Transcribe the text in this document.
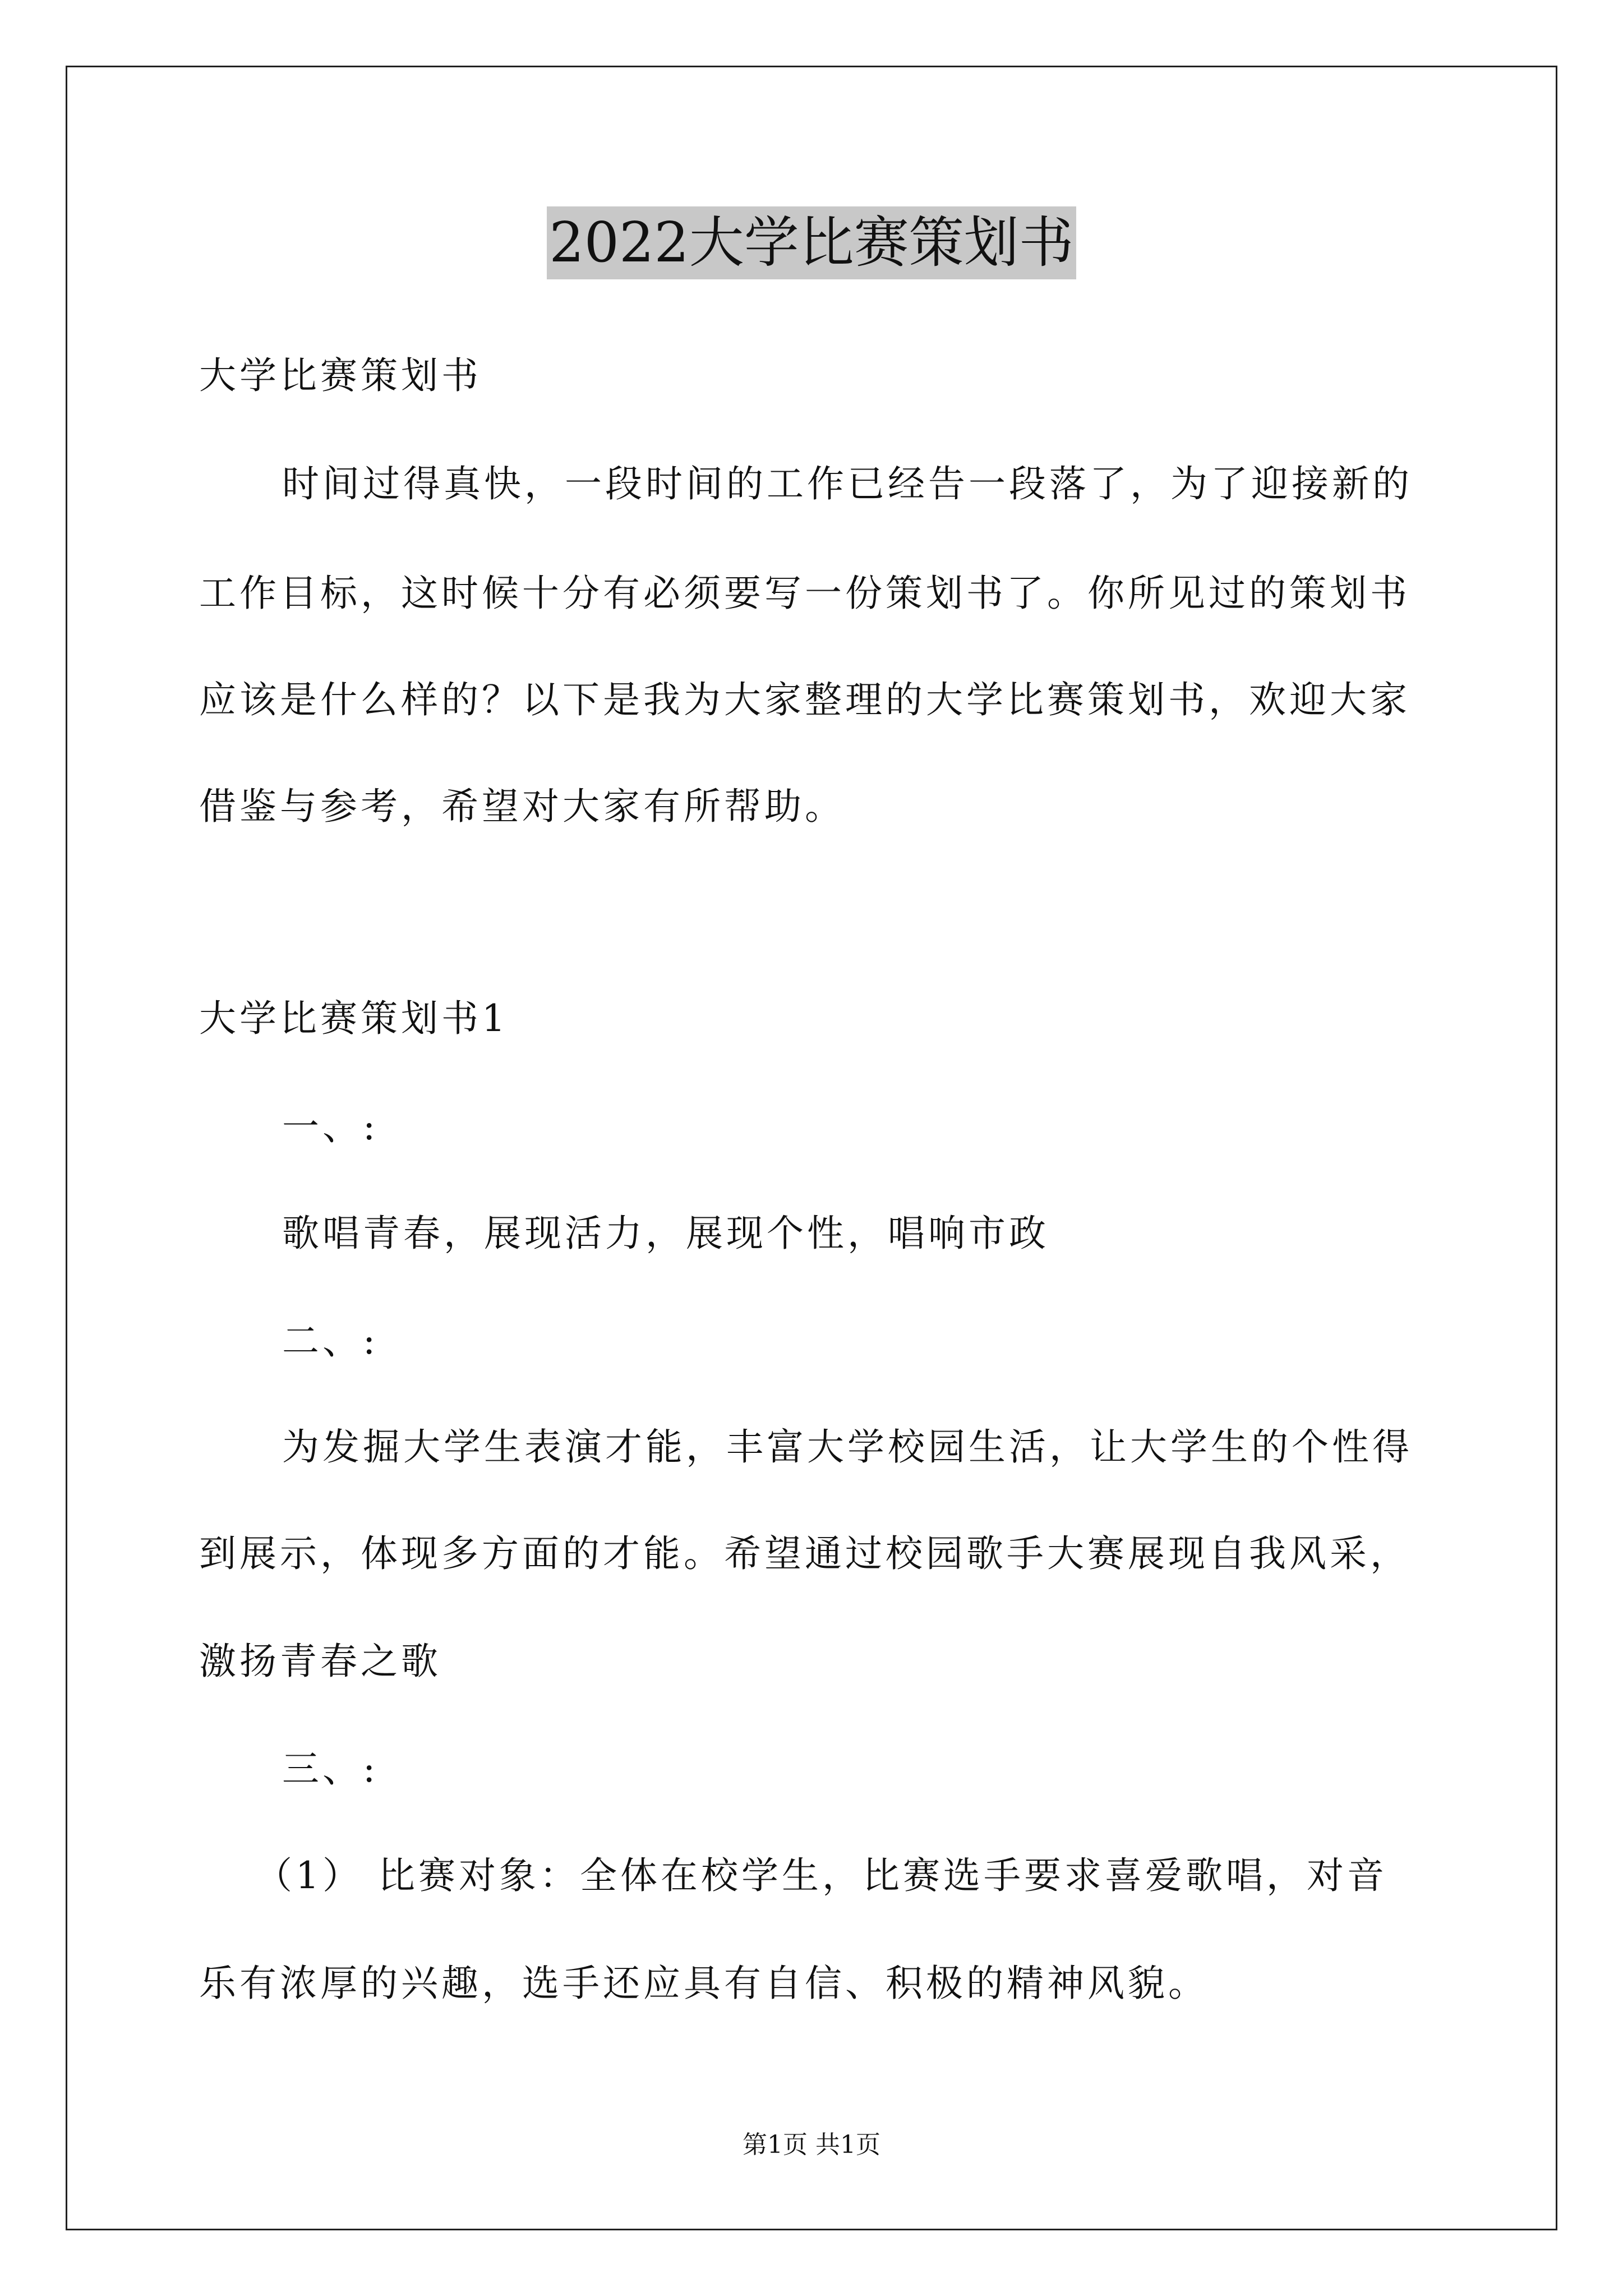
2022大学比赛策划书
大学比赛策划书
时间过得真快，一段时间的工作已经告一段落了，为了迎接新的
工作目标，这时候十分有必须要写一份策划书了。你所见过的策划书
应该是什么样的？以下是我为大家整理的大学比赛策划书，欢迎大家
借鉴与参考，希望对大家有所帮助。
大学比赛策划书1
一、:
歌唱青春，展现活力，展现个性，唱响市政
二、:
为发掘大学生表演才能，丰富大学校园生活，让大学生的个性得
到展示，体现多方面的才能。希望通过校园歌手大赛展现自我风采，
激扬青春之歌
三、:
（1） 比赛对象：全体在校学生，比赛选手要求喜爱歌唱，对音
乐有浓厚的兴趣，选手还应具有自信、积极的精神风貌。
第1页 共1页
